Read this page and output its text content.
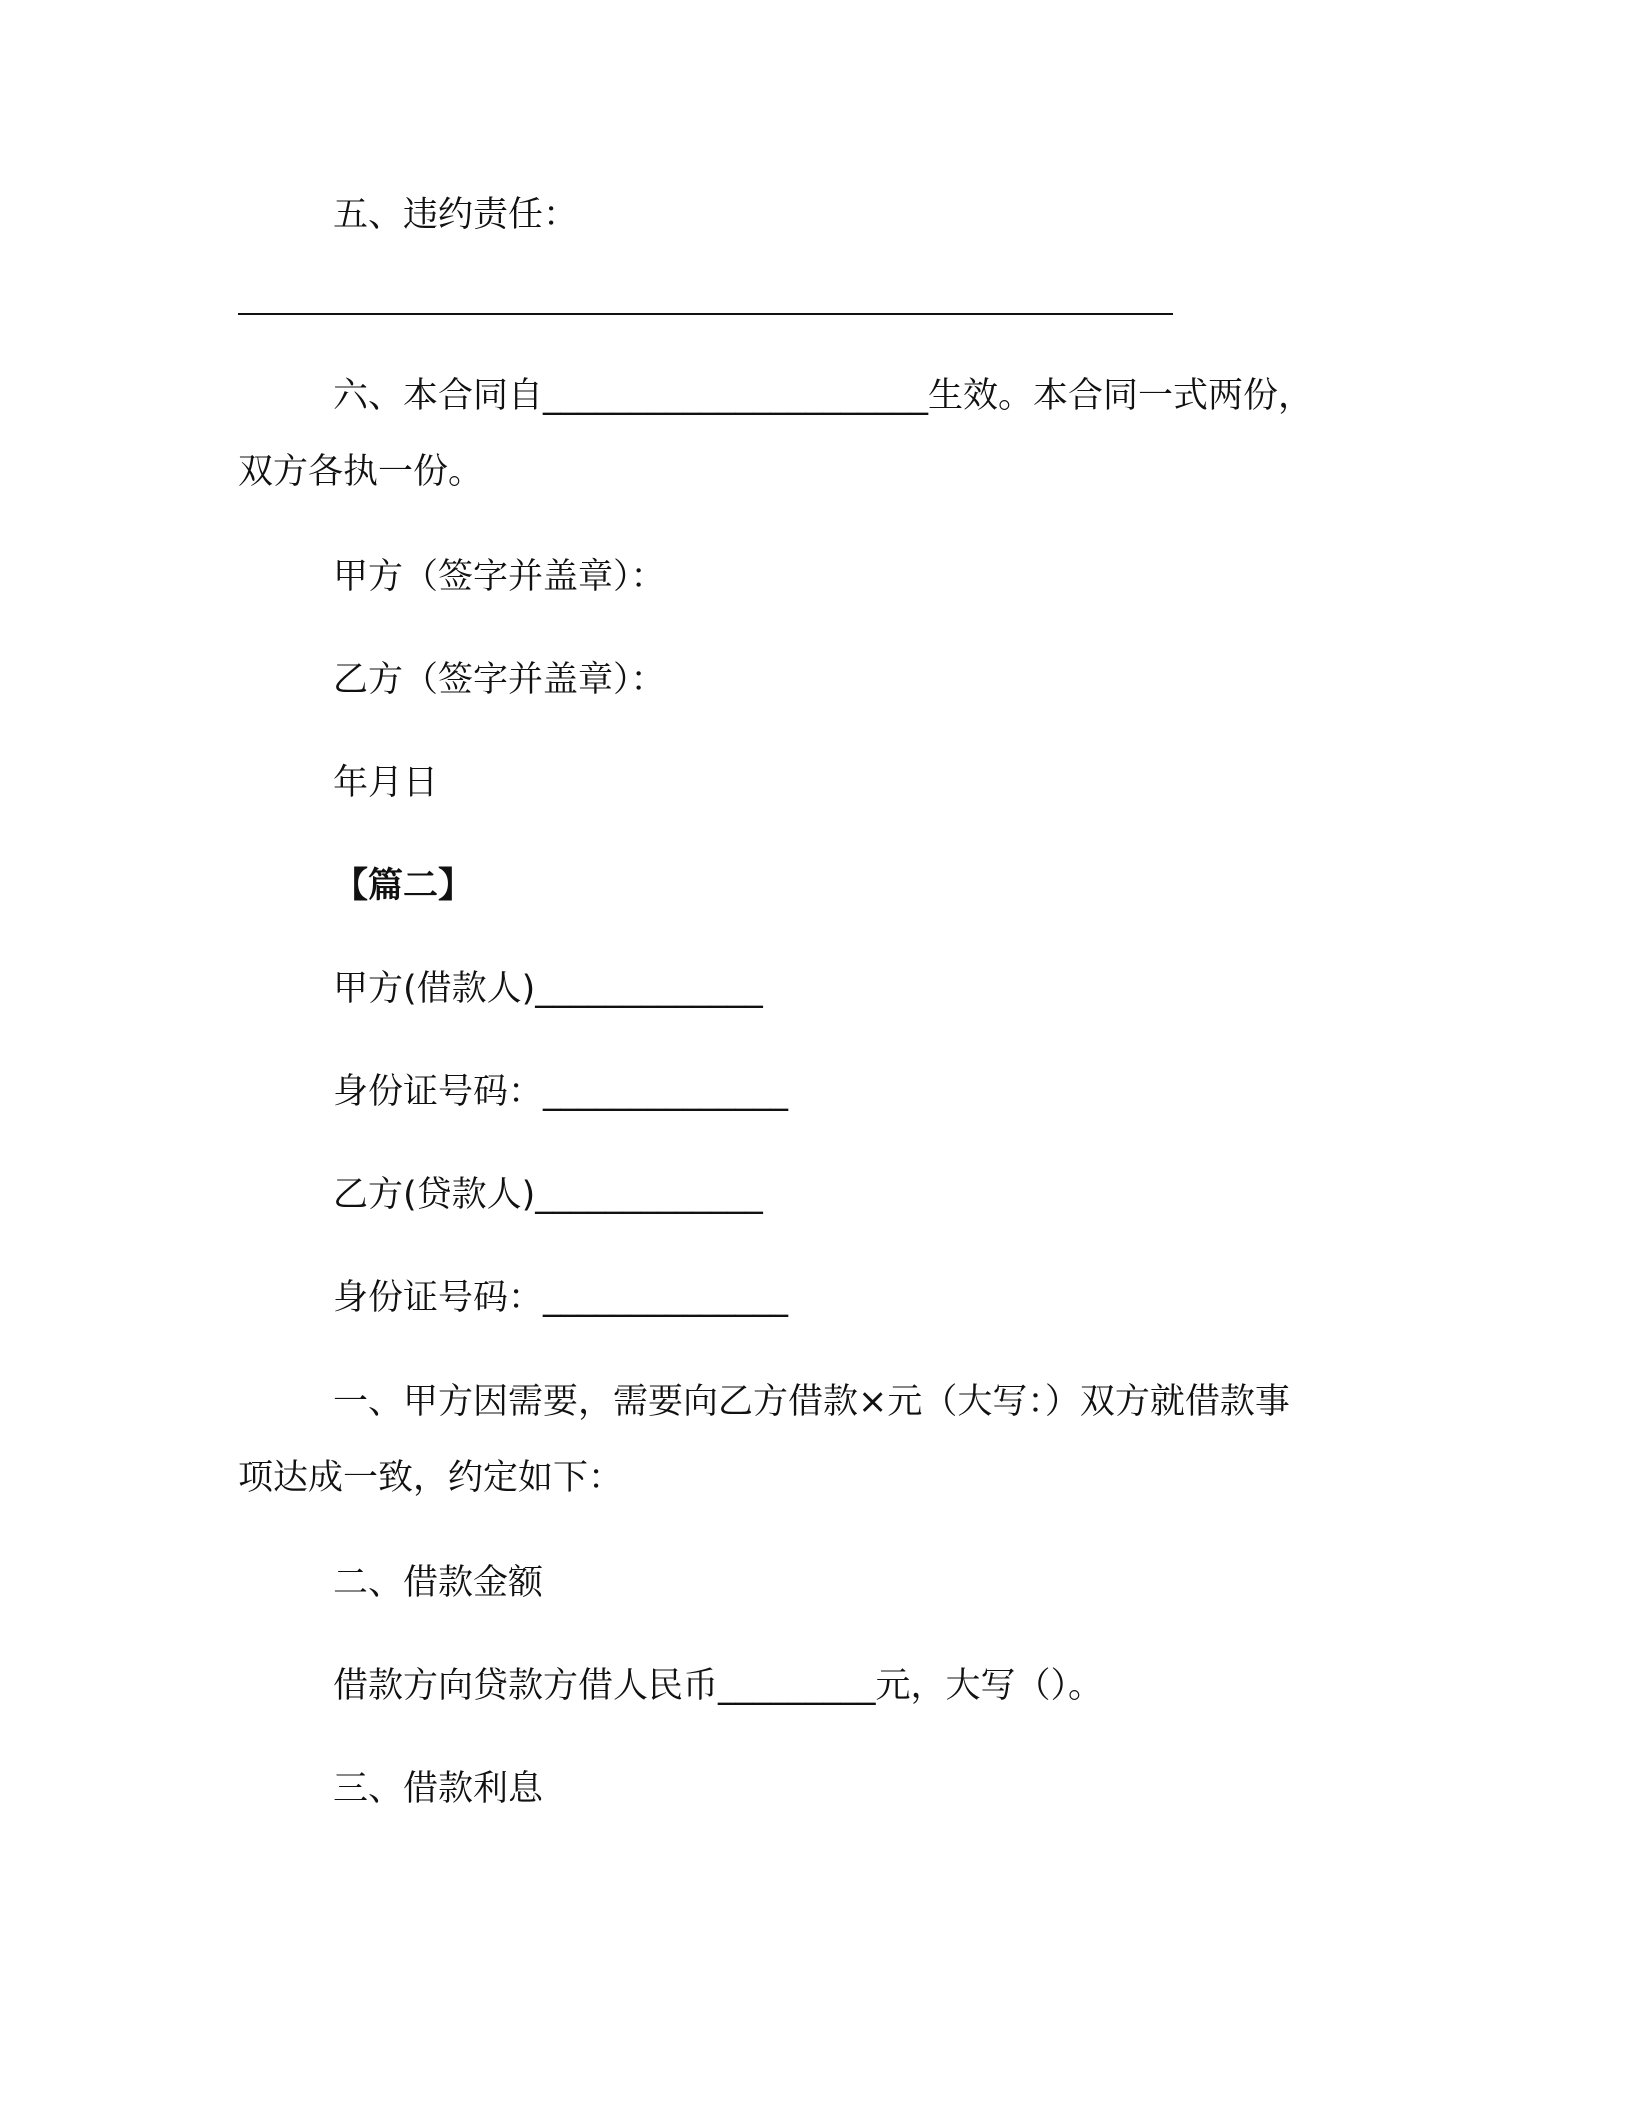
五、违约责任：
六、本合同自______________________生效。本合同一式两份，
双方各执一份。
甲方（签字并盖章）：
乙方（签字并盖章）：
年月日
【篇二】
甲方(借款人)_____________
身份证号码：______________
乙方(贷款人)_____________
身份证号码：______________
一、甲方因需要，需要向乙方借款×元（大写：）双方就借款事
项达成一致，约定如下：
二、借款金额
借款方向贷款方借人民币_________元，大写（）。
三、借款利息
